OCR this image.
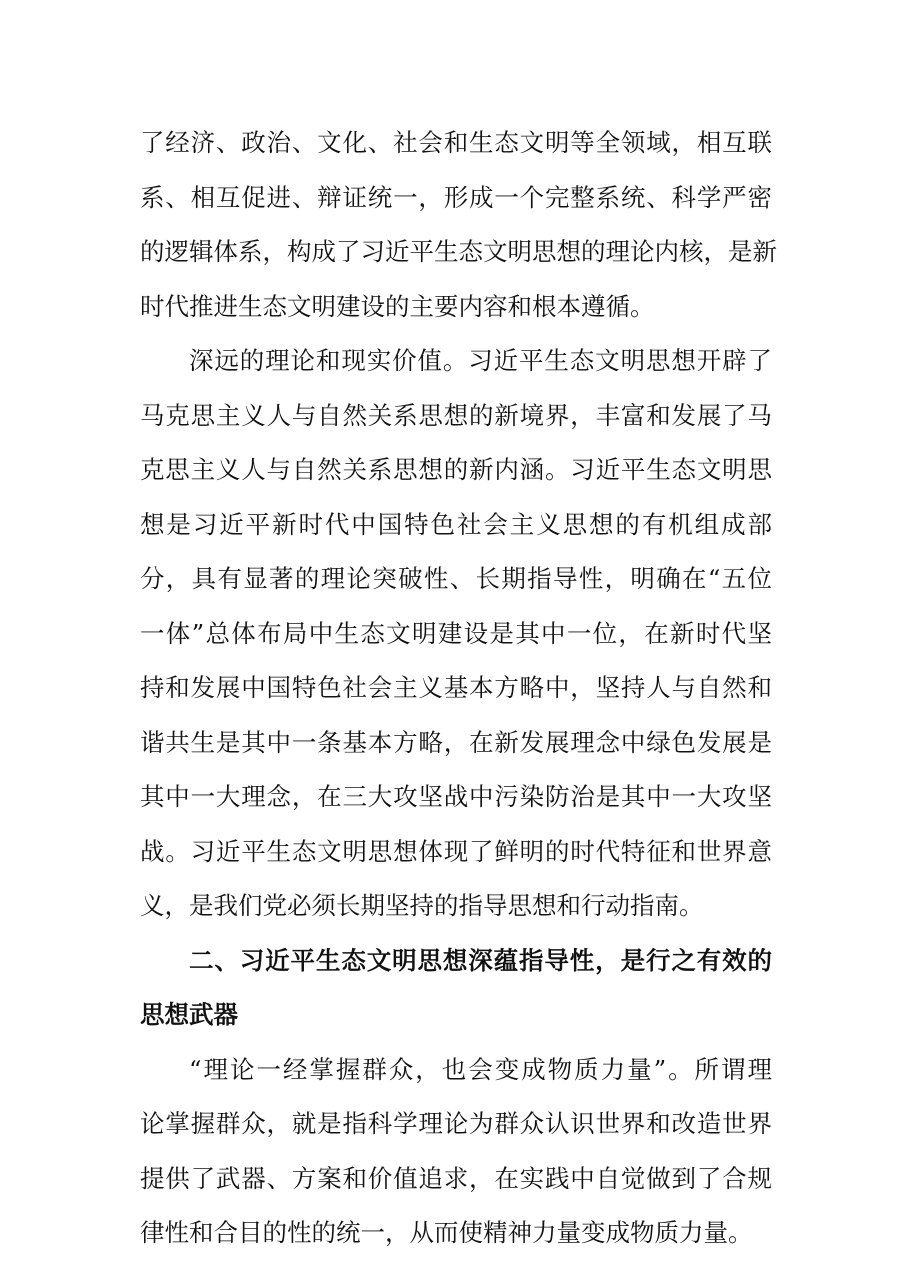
了经济、政治、文化、社会和生态文明等全领域，相互联
系、相互促进、辩证统一，形成一个完整系统、科学严密
的逻辑体系，构成了习近平生态文明思想的理论内核，是新
时代推进生态文明建设的主要内容和根本遵循。
深远的理论和现实价值。习近平生态文明思想开辟了
马克思主义人与自然关系思想的新境界，丰富和发展了马
克思主义人与自然关系思想的新内涵。习近平生态文明思
想是习近平新时代中国特色社会主义思想的有机组成部
分，具有显著的理论突破性、长期指导性，明确在“五位
一体”总体布局中生态文明建设是其中一位，在新时代坚
持和发展中国特色社会主义基本方略中，坚持人与自然和
谐共生是其中一条基本方略，在新发展理念中绿色发展是
其中一大理念，在三大攻坚战中污染防治是其中一大攻坚
战。习近平生态文明思想体现了鲜明的时代特征和世界意
义，是我们党必须长期坚持的指导思想和行动指南。
二、习近平生态文明思想深蕴指导性，是行之有效的
思想武器
“理论一经掌握群众，也会变成物质力量”。所谓理
论掌握群众，就是指科学理论为群众认识世界和改造世界
提供了武器、方案和价值追求，在实践中自觉做到了合规
律性和合目的性的统一，从而使精神力量变成物质力量。
